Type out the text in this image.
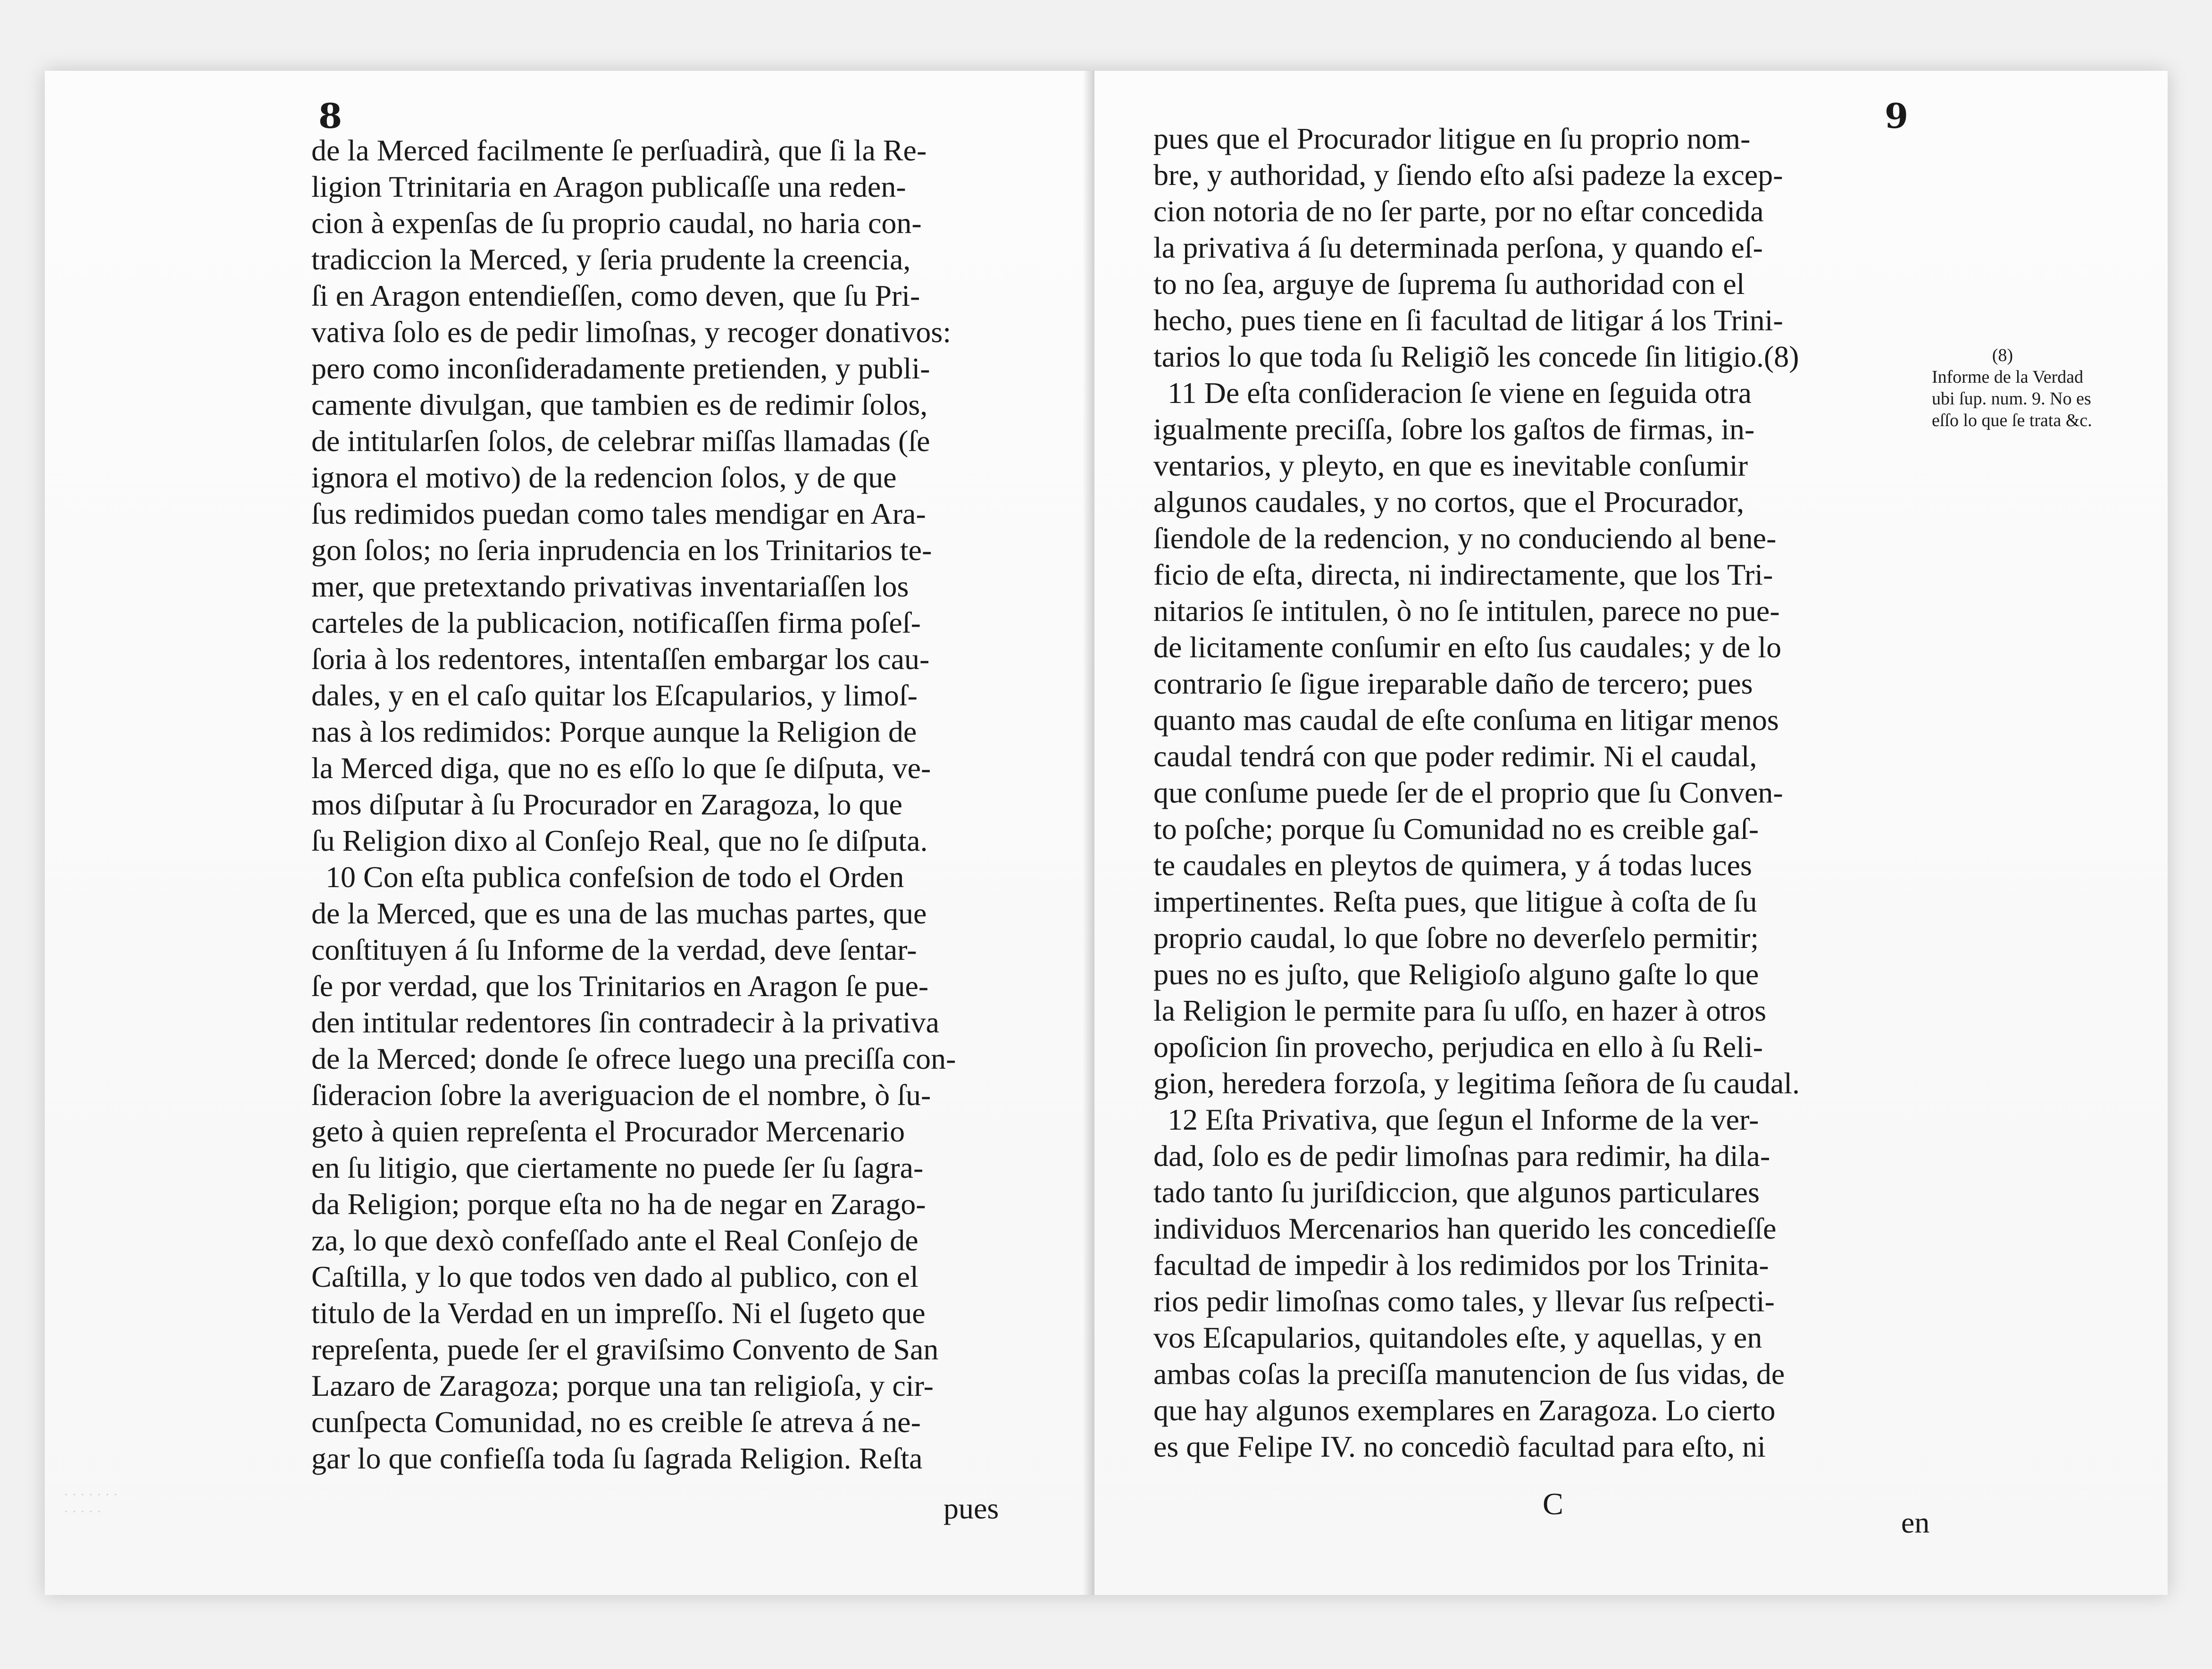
8
de la Merced facilmente ſe perſuadirà, que ſi la Re-
ligion Ttrinitaria en Aragon publicaſſe una reden-
cion à expenſas de ſu proprio caudal, no haria con-
tradiccion la Merced, y ſeria prudente la creencia,
ſi en Aragon entendieſſen, como deven, que ſu Pri-
vativa ſolo es de pedir limoſnas, y recoger donativos:
pero como inconſideradamente pretienden, y publi-
camente divulgan, que tambien es de redimir ſolos,
de intitularſen ſolos, de celebrar miſſas llamadas (ſe
ignora el motivo) de la redencion ſolos, y de que
ſus redimidos puedan como tales mendigar en Ara-
gon ſolos; no ſeria inprudencia en los Trinitarios te-
mer, que pretextando privativas inventariaſſen los
carteles de la publicacion, notificaſſen firma poſeſ-
ſoria à los redentores, intentaſſen embargar los cau-
dales, y en el caſo quitar los Eſcapularios, y limoſ-
nas à los redimidos: Porque aunque la Religion de
la Merced diga, que no es eſſo lo que ſe diſputa, ve-
mos diſputar à ſu Procurador en Zaragoza, lo que
ſu Religion dixo al Conſejo Real, que no ſe diſputa.
10 Con eſta publica confeſsion de todo el Orden
de la Merced, que es una de las muchas partes, que
conſtituyen á ſu Informe de la verdad, deve ſentar-
ſe por verdad, que los Trinitarios en Aragon ſe pue-
den intitular redentores ſin contradecir à la privativa
de la Merced; donde ſe ofrece luego una preciſſa con-
ſideracion ſobre la averiguacion de el nombre, ò ſu-
geto à quien repreſenta el Procurador Mercenario
en ſu litigio, que ciertamente no puede ſer ſu ſagra-
da Religion; porque eſta no ha de negar en Zarago-
za, lo que dexò confeſſado ante el Real Conſejo de
Caſtilla, y lo que todos ven dado al publico, con el
titulo de la Verdad en un impreſſo. Ni el ſugeto que
repreſenta, puede ſer el graviſsimo Convento de San
Lazaro de Zaragoza; porque una tan religioſa, y cir-
cunſpecta Comunidad, no es creible ſe atreva á ne-
gar lo que confieſſa toda ſu ſagrada Religion. Reſta
pues
· · · · · · ·
· · · · ·
9
pues que el Procurador litigue en ſu proprio nom-
bre, y authoridad, y ſiendo eſto aſsi padeze la excep-
cion notoria de no ſer parte, por no eſtar concedida
la privativa á ſu determinada perſona, y quando eſ-
to no ſea, arguye de ſuprema ſu authoridad con el
hecho, pues tiene en ſi facultad de litigar á los Trini-
tarios lo que toda ſu Religiõ les concede ſin litigio.(8)
11 De eſta conſideracion ſe viene en ſeguida otra
igualmente preciſſa, ſobre los gaſtos de firmas, in-
ventarios, y pleyto, en que es inevitable conſumir
algunos caudales, y no cortos, que el Procurador,
ſiendole de la redencion, y no conduciendo al bene-
ficio de eſta, directa, ni indirectamente, que los Tri-
nitarios ſe intitulen, ò no ſe intitulen, parece no pue-
de licitamente conſumir en eſto ſus caudales; y de lo
contrario ſe ſigue ireparable daño de tercero; pues
quanto mas caudal de eſte conſuma en litigar menos
caudal tendrá con que poder redimir. Ni el caudal,
que conſume puede ſer de el proprio que ſu Conven-
to poſche; porque ſu Comunidad no es creible gaſ-
te caudales en pleytos de quimera, y á todas luces
impertinentes. Reſta pues, que litigue à coſta de ſu
proprio caudal, lo que ſobre no deverſelo permitir;
pues no es juſto, que Religioſo alguno gaſte lo que
la Religion le permite para ſu uſſo, en hazer à otros
opoſicion ſin provecho, perjudica en ello à ſu Reli-
gion, heredera forzoſa, y legitima ſeñora de ſu caudal.
12 Eſta Privativa, que ſegun el Informe de la ver-
dad, ſolo es de pedir limoſnas para redimir, ha dila-
tado tanto ſu juriſdiccion, que algunos particulares
individuos Mercenarios han querido les concedieſſe
facultad de impedir à los redimidos por los Trinita-
rios pedir limoſnas como tales, y llevar ſus reſpecti-
vos Eſcapularios, quitandoles eſte, y aquellas, y en
ambas coſas la preciſſa manutencion de ſus vidas, de
que hay algunos exemplares en Zaragoza. Lo cierto
es que Felipe IV. no concediò facultad para eſto, ni
(8)
Informe de la Verdad
ubi ſup. num. 9. No es
eſſo lo que ſe trata &c.
C
en
